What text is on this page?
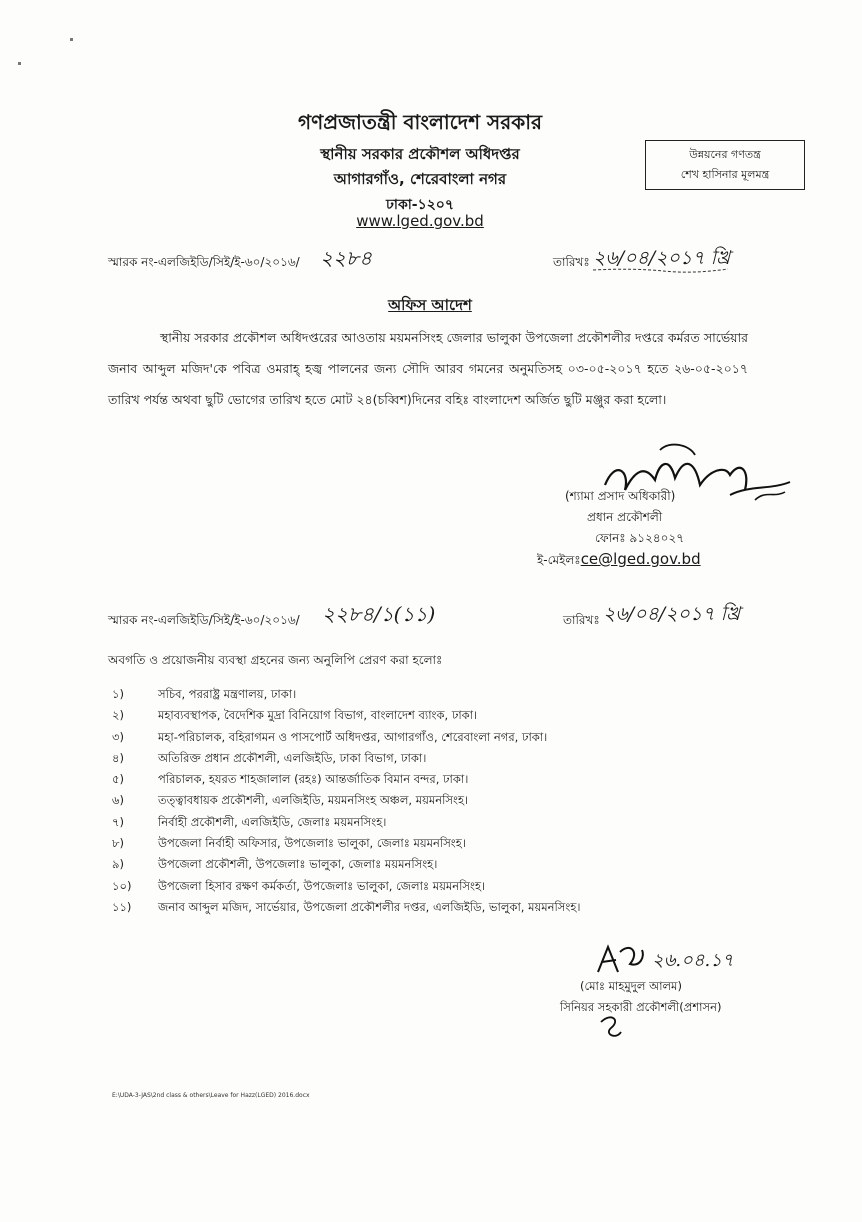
গণপ্রজাতন্ত্রী বাংলাদেশ সরকার
স্থানীয় সরকার প্রকৌশল অধিদপ্তর
আগারগাঁও, শেরেবাংলা নগর
ঢাকা-১২০৭
www.lged.gov.bd
উন্নয়নের গণতন্ত্র
শেখ হাসিনার মূলমন্ত্র
স্মারক নং-এলজিইডি/সিই/ই-৬০/২০১৬/ ২২৮৪	তারিখঃ ২৬/০৪/২০১৭ খ্রি
অফিস আদেশ
স্থানীয় সরকার প্রকৌশল অধিদপ্তরের আওতায় ময়মনসিংহ জেলার ভালুকা উপজেলা প্রকৌশলীর দপ্তরে কর্মরত সার্ভেয়ার জনাব আব্দুল মজিদ'কে পবিত্র ওমরাহ্ হজ্ব পালনের জন্য সৌদি আরব গমনের অনুমতিসহ ০৩-০৫-২০১৭ হতে ২৬-০৫-২০১৭ তারিখ পর্যন্ত অথবা ছুটি ভোগের তারিখ হতে মোট ২৪(চব্বিশ)দিনের বহিঃ বাংলাদেশ অর্জিত ছুটি মঞ্জুর করা হলো।
(শ্যামা প্রসাদ অধিকারী)
প্রধান প্রকৌশলী
ফোনঃ ৯১২৪০২৭
ই-মেইলঃce@lged.gov.bd
স্মারক নং-এলজিইডি/সিই/ই-৬০/২০১৬/ ২২৮৪/১(১১)	তারিখঃ ২৬/০৪/২০১৭ খ্রি
অবগতি ও প্রয়োজনীয় ব্যবস্থা গ্রহনের জন্য অনুলিপি প্রেরণ করা হলোঃ
১)	সচিব, পররাষ্ট্র মন্ত্রণালয়, ঢাকা।
২)	মহাব্যবস্থাপক, বৈদেশিক মুদ্রা বিনিয়োগ বিভাগ, বাংলাদেশ ব্যাংক, ঢাকা।
৩)	মহা-পরিচালক, বহিরাগমন ও পাসপোর্ট অধিদপ্তর, আগারগাঁও, শেরেবাংলা নগর, ঢাকা।
৪)	অতিরিক্ত প্রধান প্রকৌশলী, এলজিইডি, ঢাকা বিভাগ, ঢাকা।
৫)	পরিচালক, হযরত শাহজালাল (রহঃ) আন্তর্জাতিক বিমান বন্দর, ঢাকা।
৬)	তত্ত্বাবধায়ক প্রকৌশলী, এলজিইডি, ময়মনসিংহ অঞ্চল, ময়মনসিংহ।
৭)	নির্বাহী প্রকৌশলী, এলজিইডি, জেলাঃ ময়মনসিংহ।
৮)	উপজেলা নির্বাহী অফিসার, উপজেলাঃ ভালুকা, জেলাঃ ময়মনসিংহ।
৯)	উপজেলা প্রকৌশলী, উপজেলাঃ ভালুকা, জেলাঃ ময়মনসিংহ।
১০)	উপজেলা হিসাব রক্ষণ কর্মকর্তা, উপজেলাঃ ভালুকা, জেলাঃ ময়মনসিংহ।
১১)	জনাব আব্দুল মজিদ, সার্ভেয়ার, উপজেলা প্রকৌশলীর দপ্তর, এলজিইডি, ভালুকা, ময়মনসিংহ।
২৬.০৪.১৭
(মোঃ মাহমুদুল আলম)
সিনিয়র সহকারী প্রকৌশলী(প্রশাসন)
E:\UDA-3-JAS\2nd class & others\Leave for Hazz(LGED) 2016.docx
